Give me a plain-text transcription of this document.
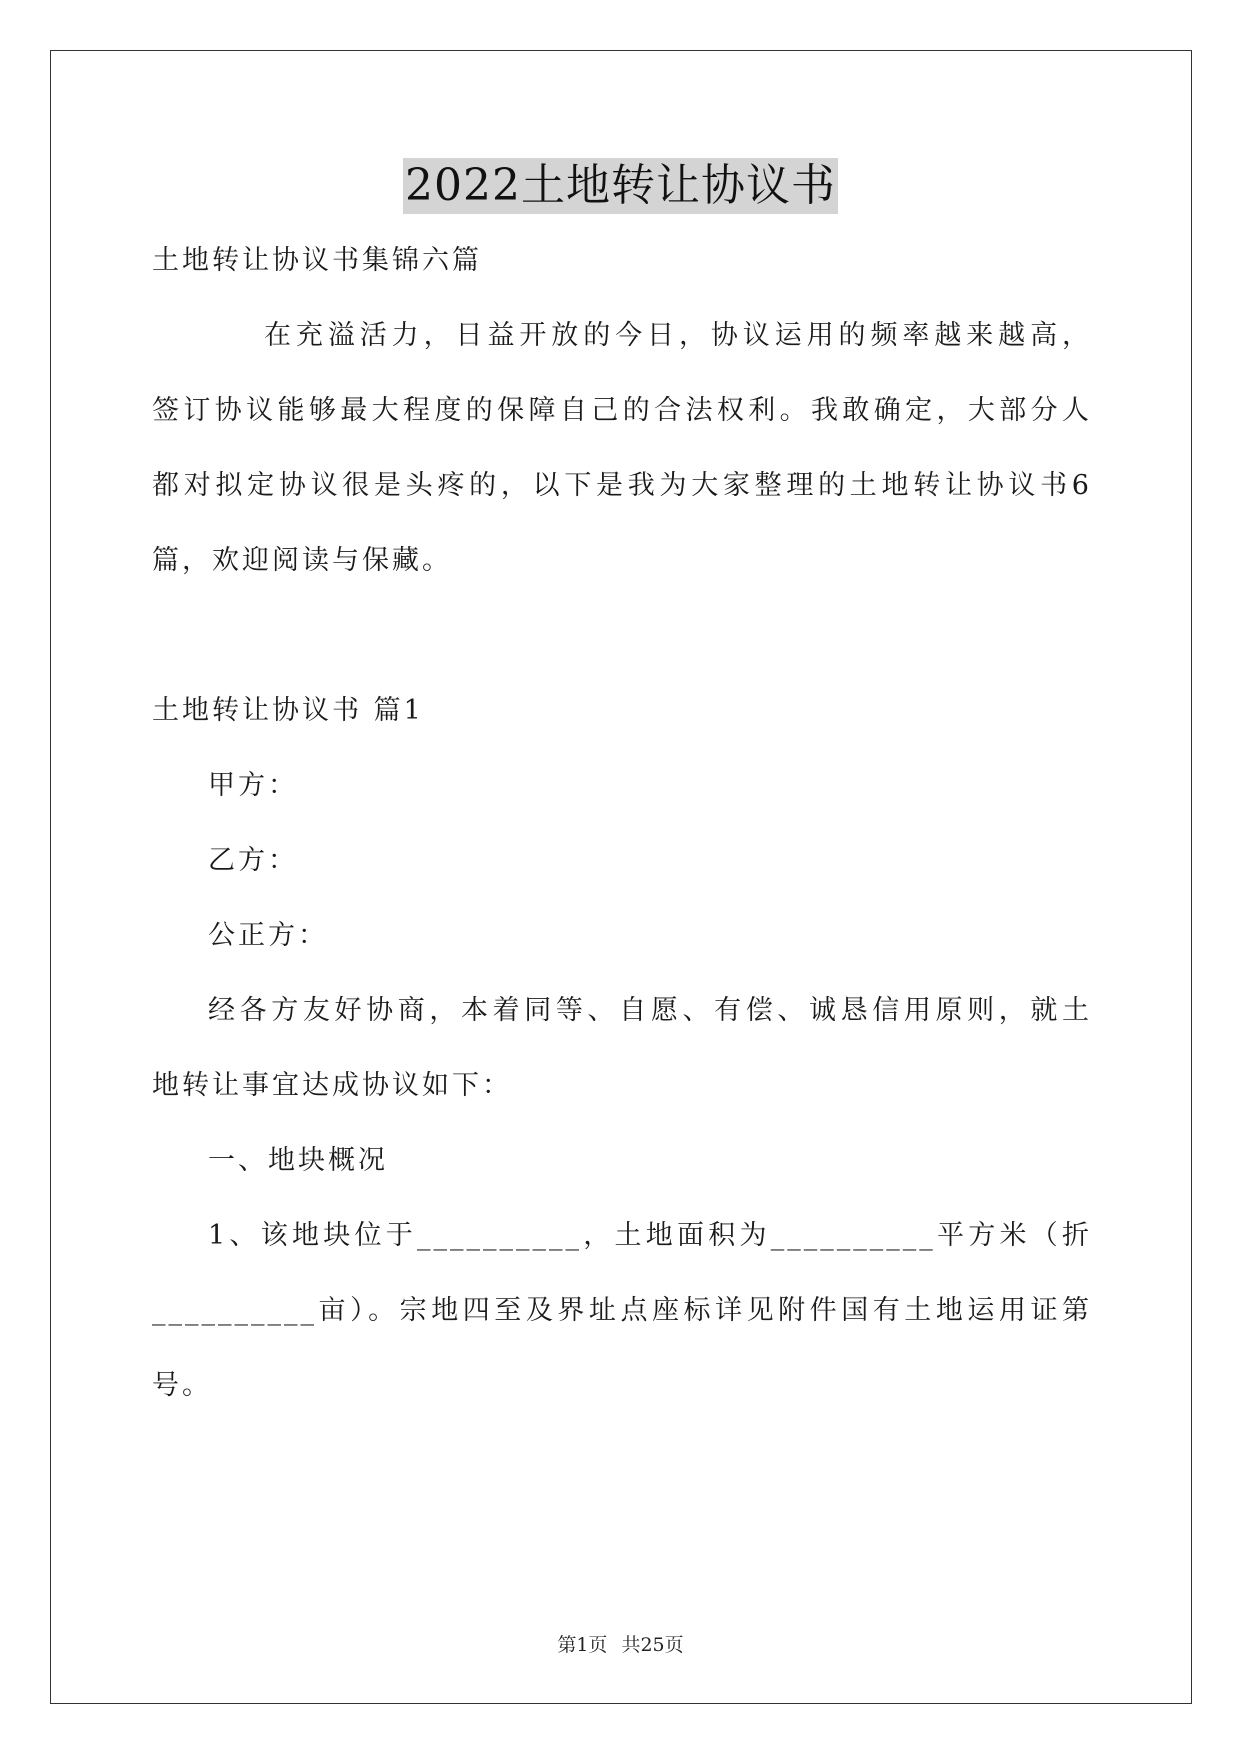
2022土地转让协议书
土地转让协议书集锦六篇
在充溢活力，日益开放的今日，协议运用的频率越来越高，
签订协议能够最大程度的保障自己的合法权利。我敢确定，大部分人
都对拟定协议很是头疼的，以下是我为大家整理的土地转让协议书6
篇，欢迎阅读与保藏。
土地转让协议书 篇1
甲方：
乙方：
公正方：
经各方友好协商，本着同等、自愿、有偿、诚恳信用原则，就土
地转让事宜达成协议如下：
一、地块概况
1、该地块位于__________，土地面积为__________平方米（折
__________亩）。宗地四至及界址点座标详见附件国有土地运用证第
号。
第1页 共25页
